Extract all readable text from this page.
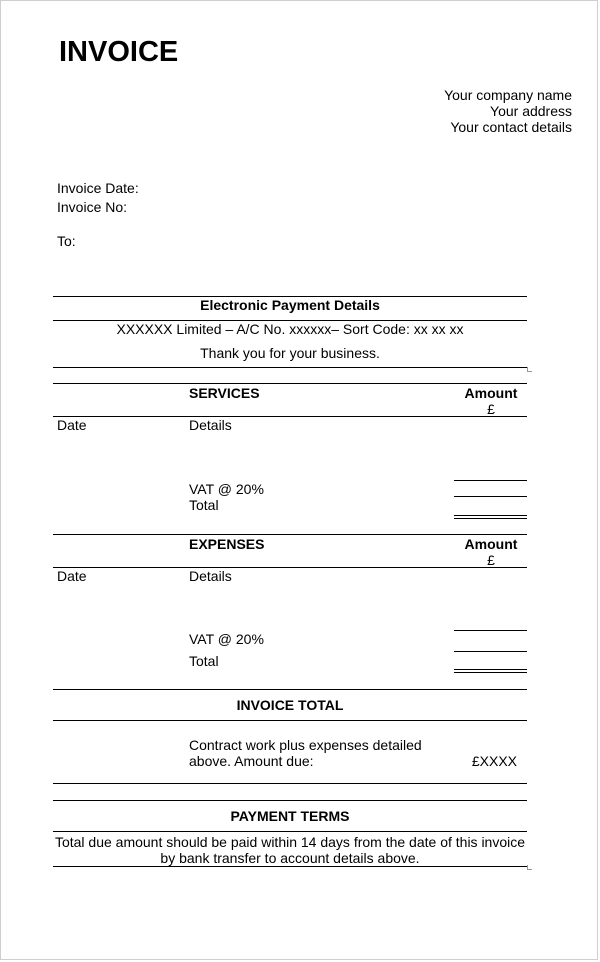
INVOICE
Your company name
Your address
Your contact details
Invoice Date:
Invoice No:
To:
Electronic Payment Details
XXXXXX Limited – A/C No. xxxxxx– Sort Code: xx xx xx
Thank you for your business.
SERVICES	Amount
£
Date	Details
VAT @ 20%
Total
EXPENSES	Amount
£
Date	Details
VAT @ 20%
Total
INVOICE TOTAL
Contract work plus expenses detailed
above. Amount due:	£XXXX
PAYMENT TERMS
Total due amount should be paid within 14 days from the date of this invoice
by bank transfer to account details above.
